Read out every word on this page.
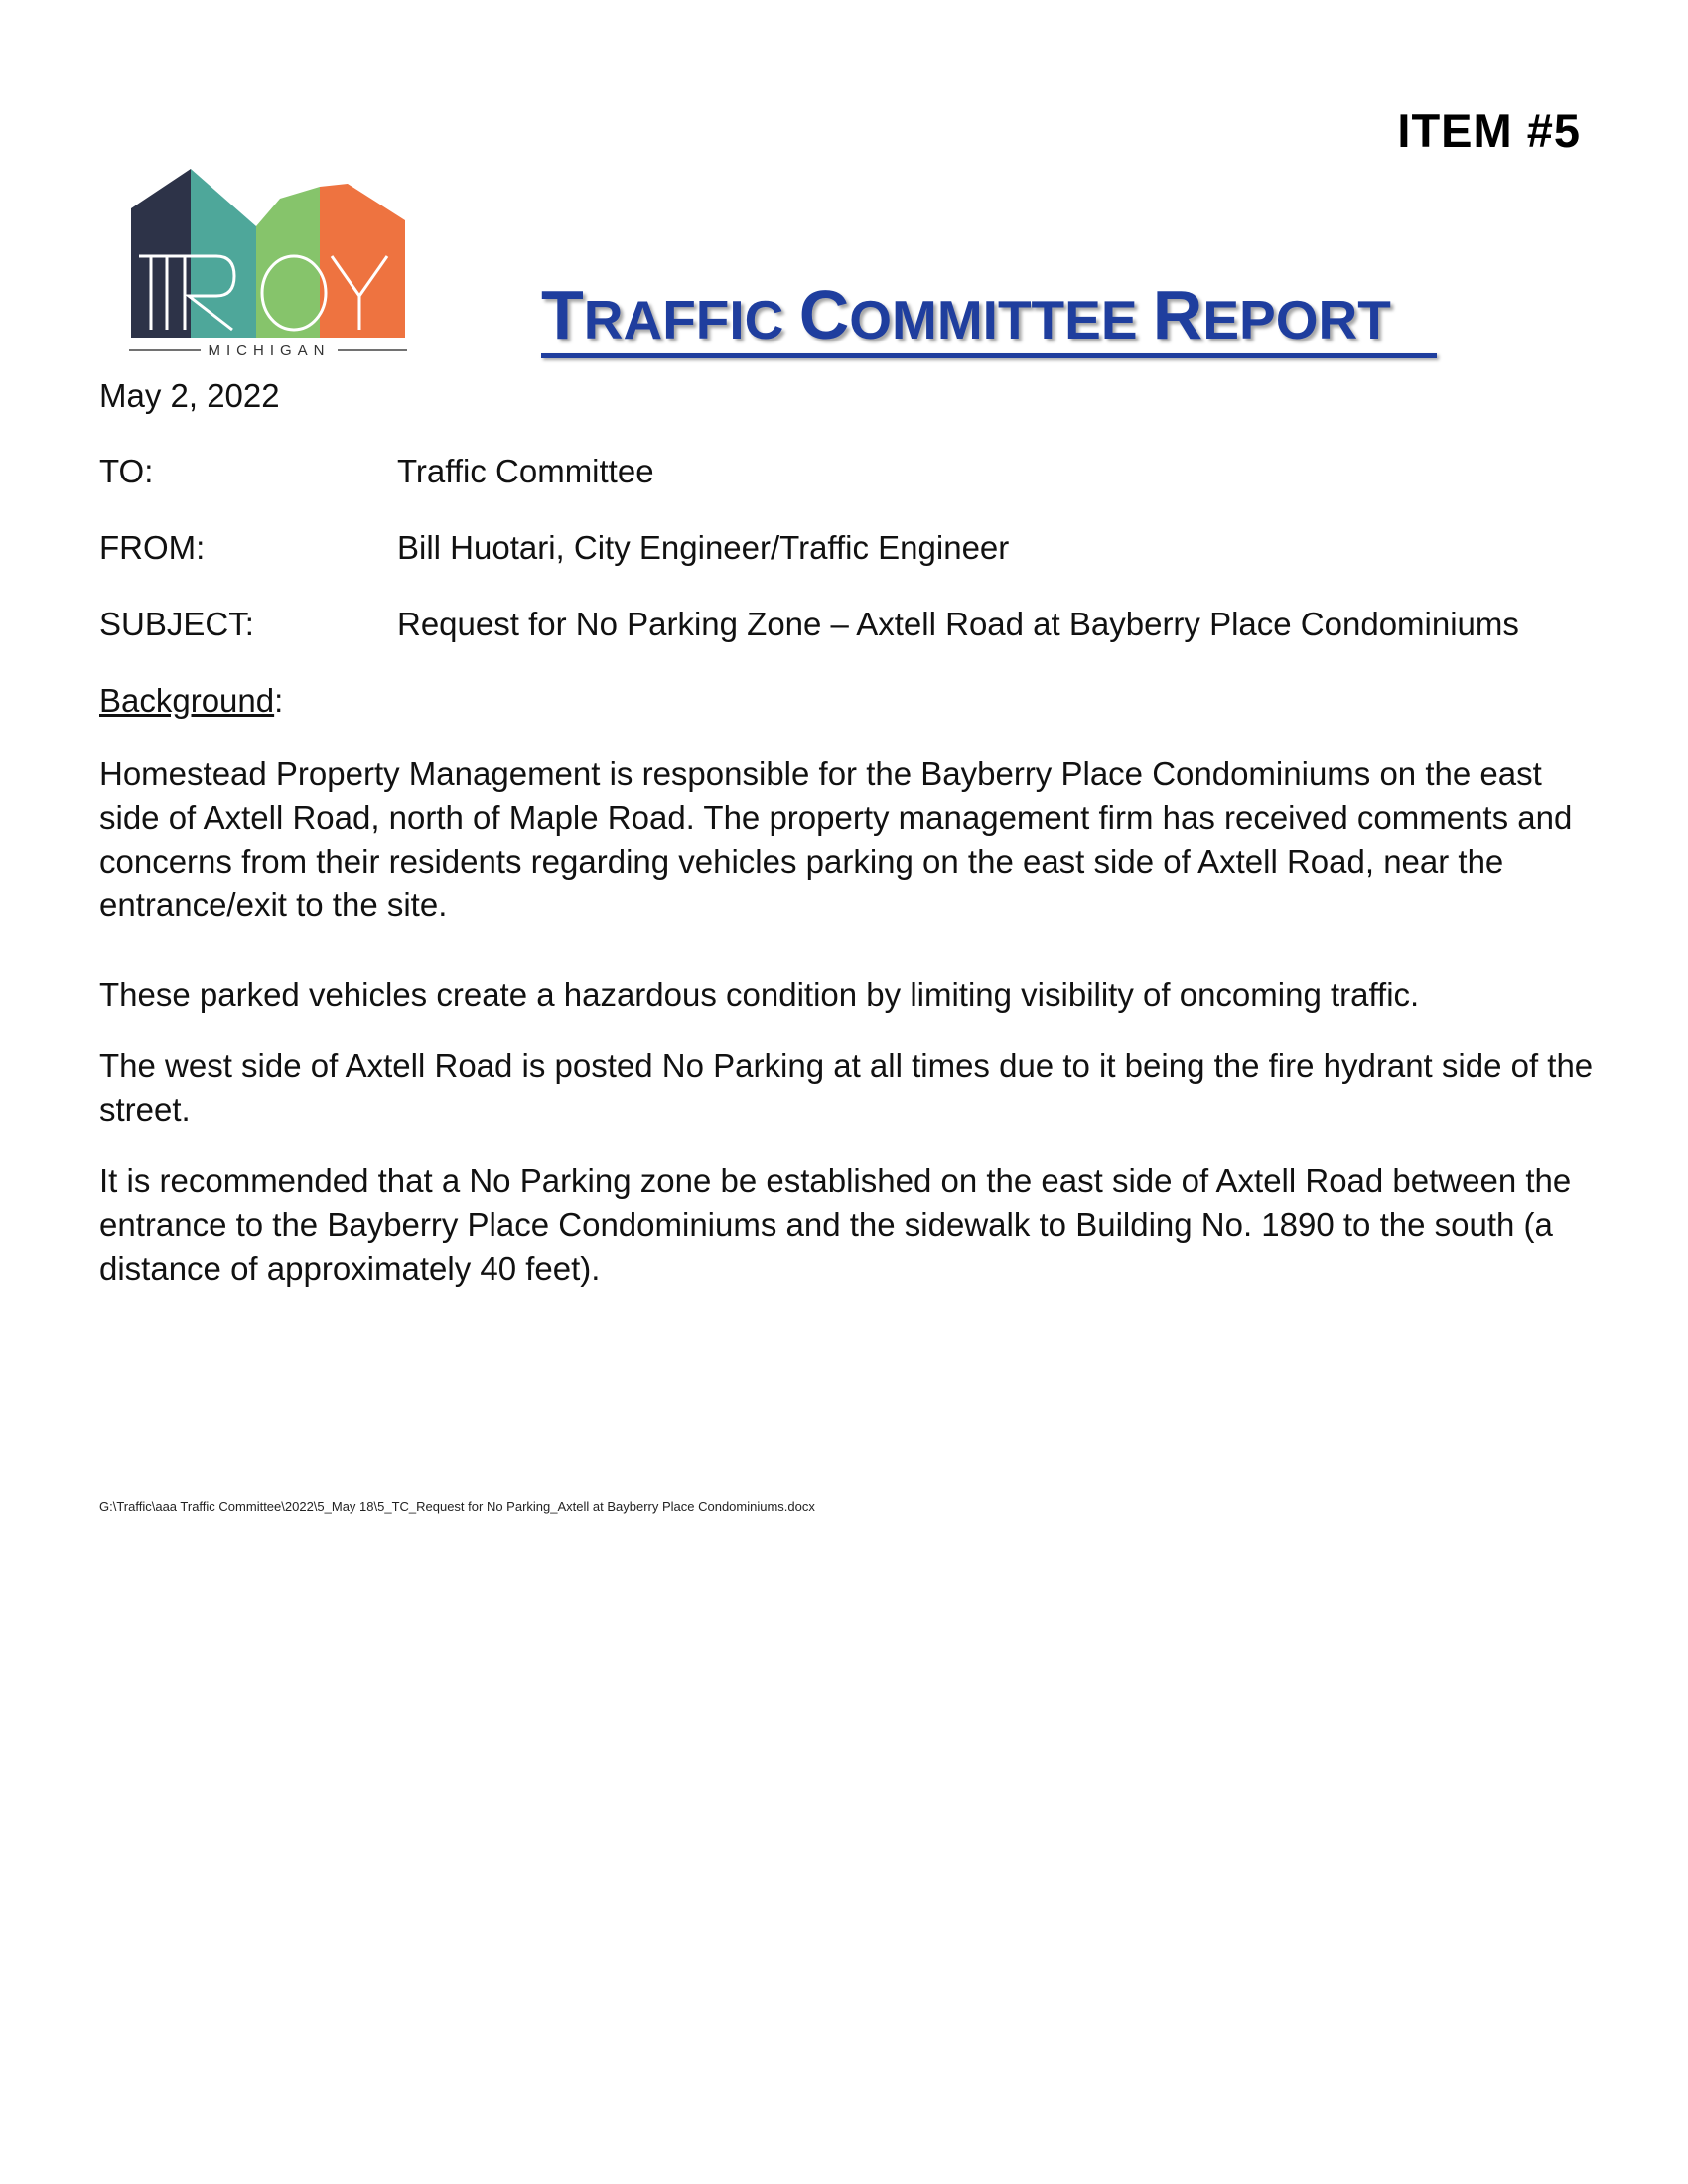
ITEM #5
MICHIGAN	TRAFFIC COMMITTEE REPORT
May 2, 2022
TO:	Traffic Committee
FROM:	Bill Huotari, City Engineer/Traffic Engineer
SUBJECT:	Request for No Parking Zone – Axtell Road at Bayberry Place Condominiums
Background:

Homestead Property Management is responsible for the Bayberry Place Condominiums on the east side of Axtell Road, north of Maple Road. The property management firm has received comments and concerns from their residents regarding vehicles parking on the east side of Axtell Road, near the entrance/exit to the site.

These parked vehicles create a hazardous condition by limiting visibility of oncoming traffic.

The west side of Axtell Road is posted No Parking at all times due to it being the fire hydrant side of the street.

It is recommended that a No Parking zone be established on the east side of Axtell Road between the entrance to the Bayberry Place Condominiums and the sidewalk to Building No. 1890 to the south (a distance of approximately 40 feet).

G:\Traffic\aaa Traffic Committee\2022\5_May 18\5_TC_Request for No Parking_Axtell at Bayberry Place Condominiums.docx
